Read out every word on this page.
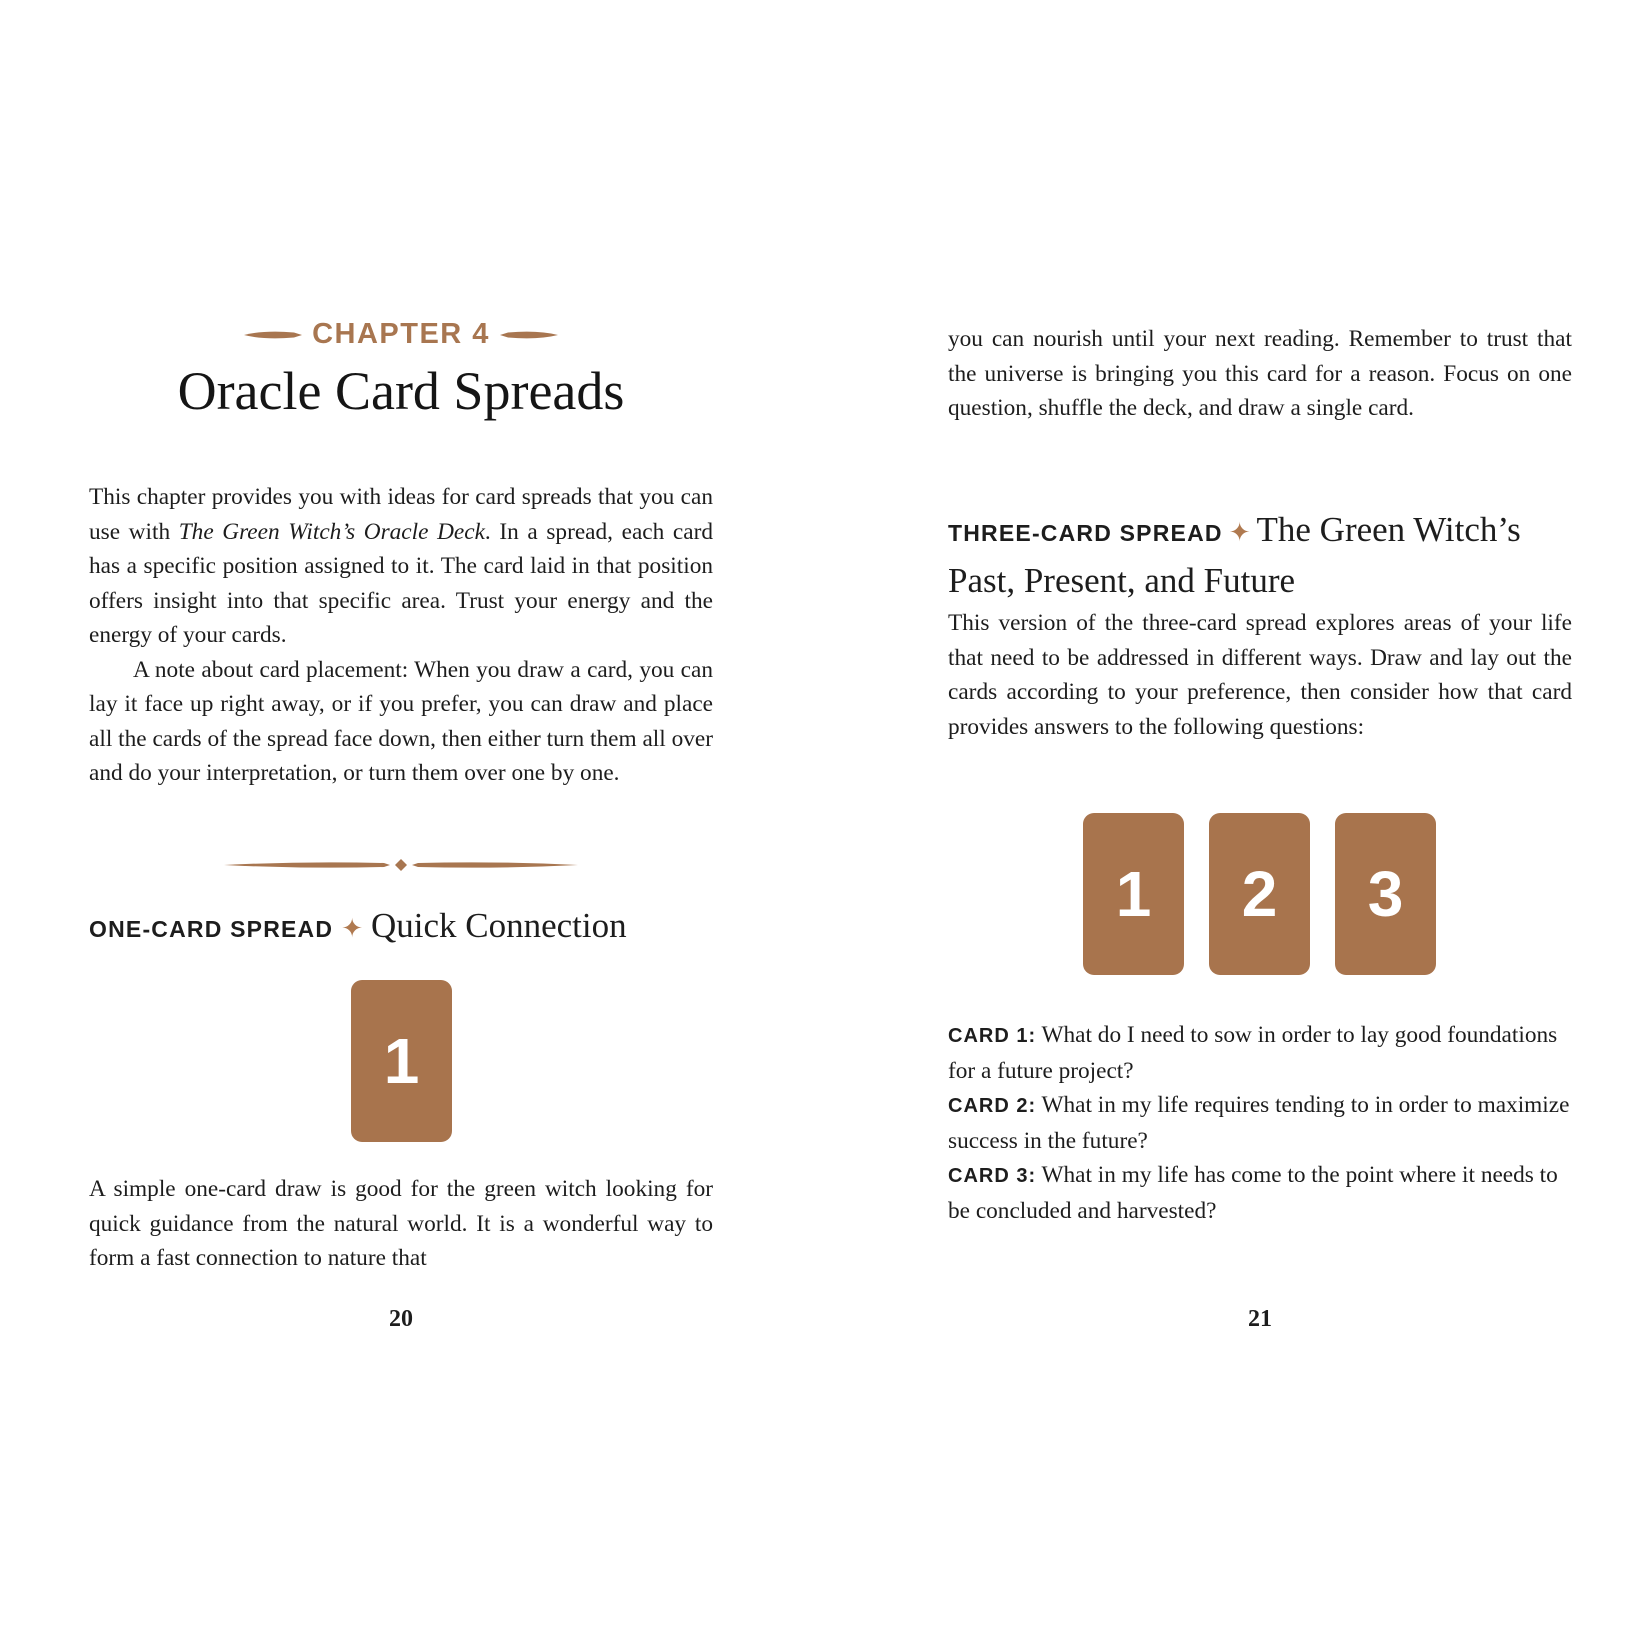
CHAPTER 4
Oracle Card Spreads

This chapter provides you with ideas for card spreads that you can use with The Green Witch’s Oracle Deck. In a spread, each card has a specific position assigned to it. The card laid in that position offers insight into that specific area. Trust your energy and the energy of your cards.

A note about card placement: When you draw a card, you can lay it face up right away, or if you prefer, you can draw and place all the cards of the spread face down, then either turn them all over and do your interpretation, or turn them over one by one.

ONE-CARD SPREAD ✦ Quick Connection
1

A simple one-card draw is good for the green witch looking for quick guidance from the natural world. It is a wonderful way to form a fast connection to nature that

20

you can nourish until your next reading. Remember to trust that the universe is bringing you this card for a reason. Focus on one question, shuffle the deck, and draw a single card.

THREE-CARD SPREAD ✦ The Green Witch’s Past, Present, and Future

This version of the three-card spread explores areas of your life that need to be addressed in different ways. Draw and lay out the cards according to your preference, then consider how that card provides answers to the following questions:

1	2	3

CARD 1: What do I need to sow in order to lay good foundations for a future project?

CARD 2: What in my life requires tending to in order to maximize success in the future?

CARD 3: What in my life has come to the point where it needs to be concluded and harvested?

21
